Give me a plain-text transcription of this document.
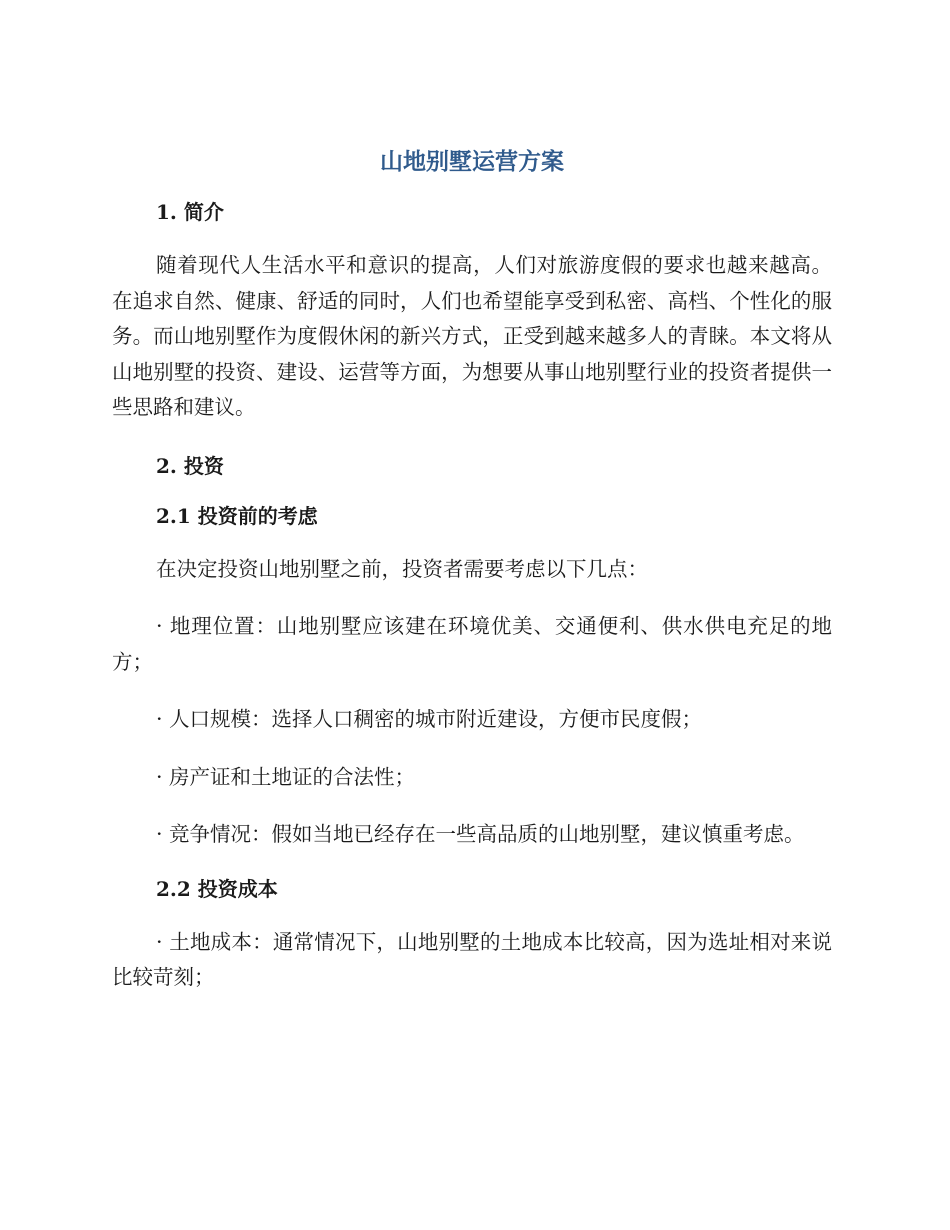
山地别墅运营方案
1. 简介

随着现代人生活水平和意识的提高，人们对旅游度假的要求也越来越高。在追求自然、健康、舒适的同时，人们也希望能享受到私密、高档、个性化的服务。而山地别墅作为度假休闲的新兴方式，正受到越来越多人的青睐。本文将从山地别墅的投资、建设、运营等方面，为想要从事山地别墅行业的投资者提供一些思路和建议。

2. 投资
2.1 投资前的考虑

在决定投资山地别墅之前，投资者需要考虑以下几点：

· 地理位置：山地别墅应该建在环境优美、交通便利、供水供电充足的地方；

· 人口规模：选择人口稠密的城市附近建设，方便市民度假；

· 房产证和土地证的合法性；

· 竞争情况：假如当地已经存在一些高品质的山地别墅，建议慎重考虑。

2.2 投资成本

· 土地成本：通常情况下，山地别墅的土地成本比较高，因为选址相对来说比较苛刻；
